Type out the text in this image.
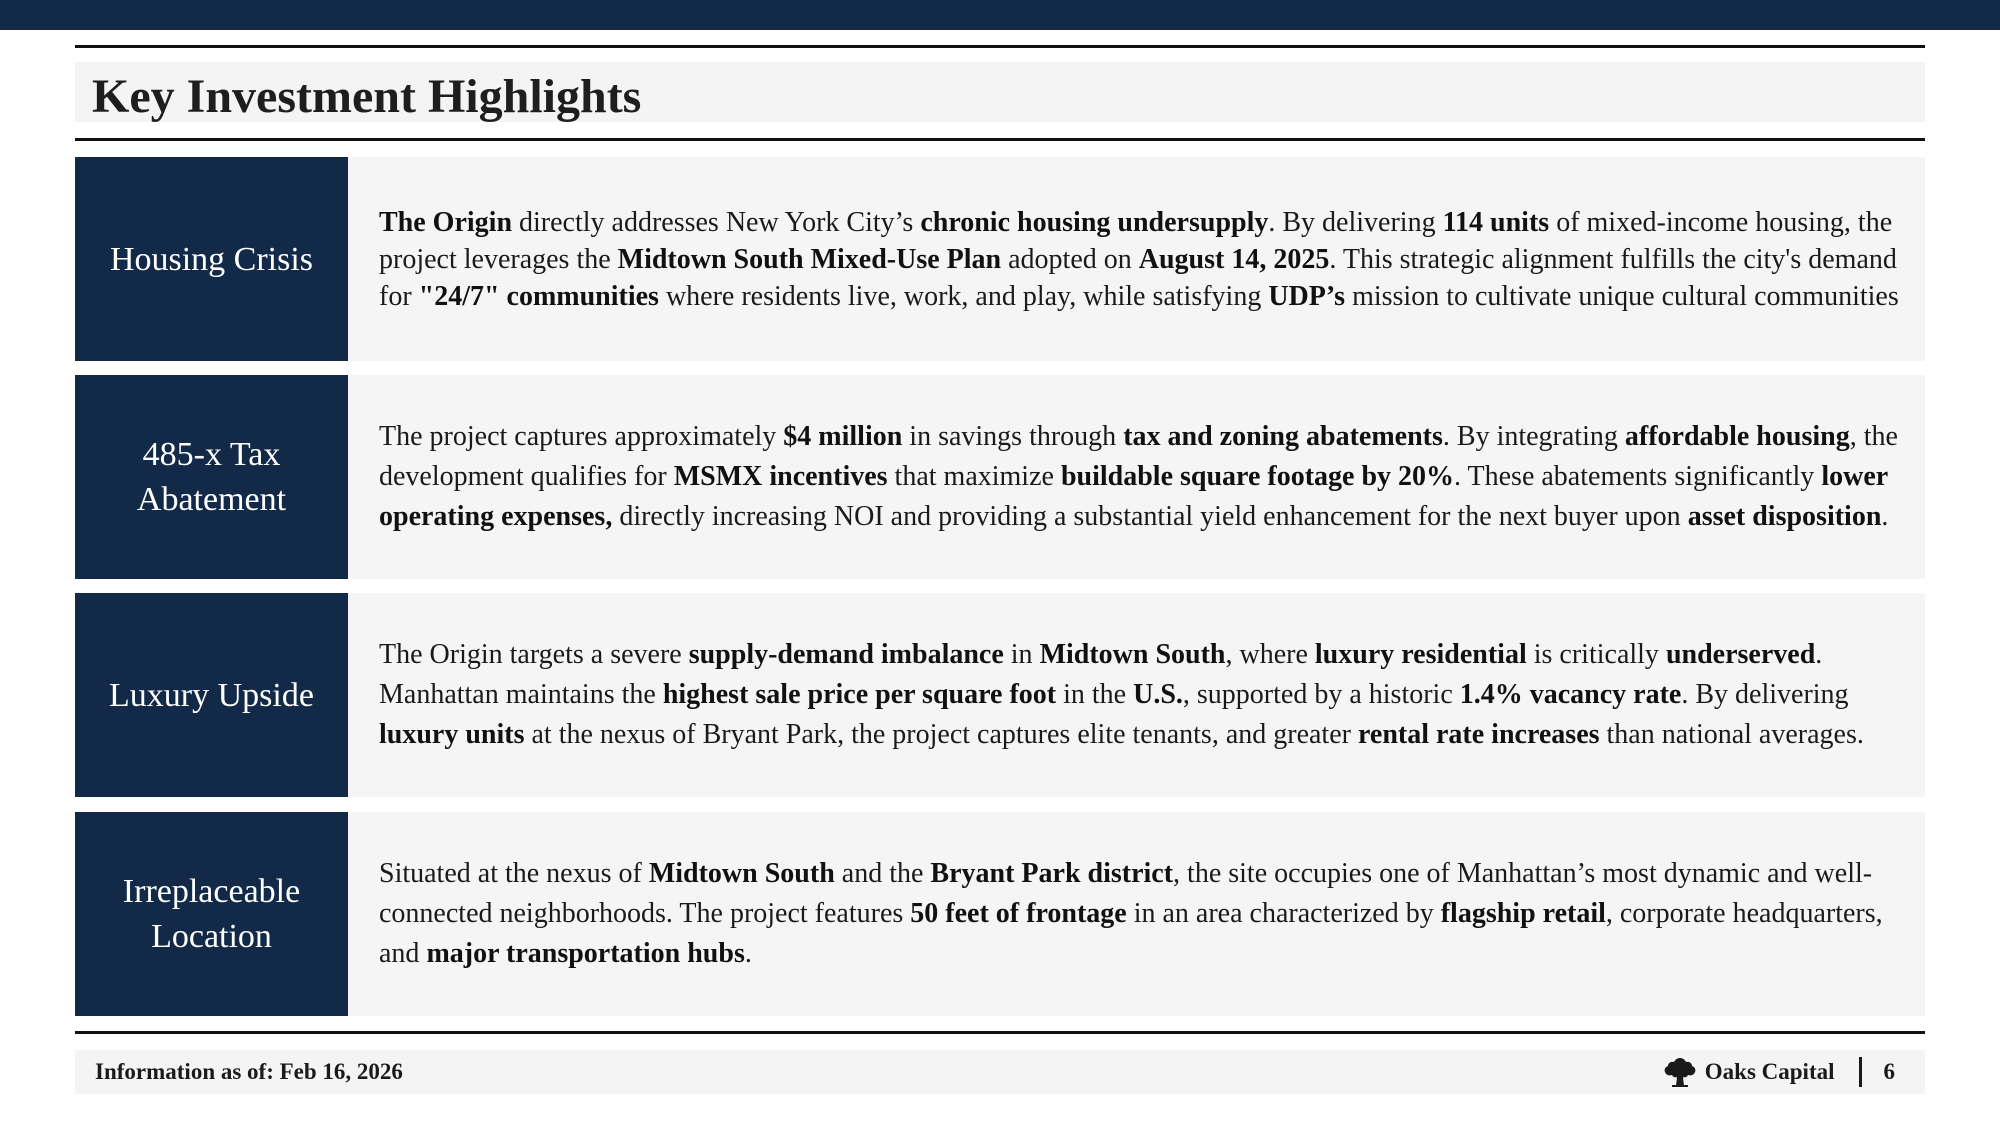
Key Investment Highlights
Housing Crisis

The Origin directly addresses New York City’s chronic housing undersupply. By delivering 114 units of mixed-income housing, the project leverages the Midtown South Mixed-Use Plan adopted on August 14, 2025. This strategic alignment fulfills the city's demand for "24/7" communities where residents live, work, and play, while satisfying UDP’s mission to cultivate unique cultural communities

485-x Tax Abatement

The project captures approximately $4 million in savings through tax and zoning abatements. By integrating affordable housing, the development qualifies for MSMX incentives that maximize buildable square footage by 20%. These abatements significantly lower operating expenses, directly increasing NOI and providing a substantial yield enhancement for the next buyer upon asset disposition.

Luxury Upside

The Origin targets a severe supply-demand imbalance in Midtown South, where luxury residential is critically underserved. Manhattan maintains the highest sale price per square foot in the U.S., supported by a historic 1.4% vacancy rate. By delivering luxury units at the nexus of Bryant Park, the project captures elite tenants, and greater rental rate increases than national averages.

Irreplaceable Location

Situated at the nexus of Midtown South and the Bryant Park district, the site occupies one of Manhattan’s most dynamic and well-connected neighborhoods. The project features 50 feet of frontage in an area characterized by flagship retail, corporate headquarters, and major transportation hubs.

Information as of: Feb 16, 2026	Oaks Capital 6
